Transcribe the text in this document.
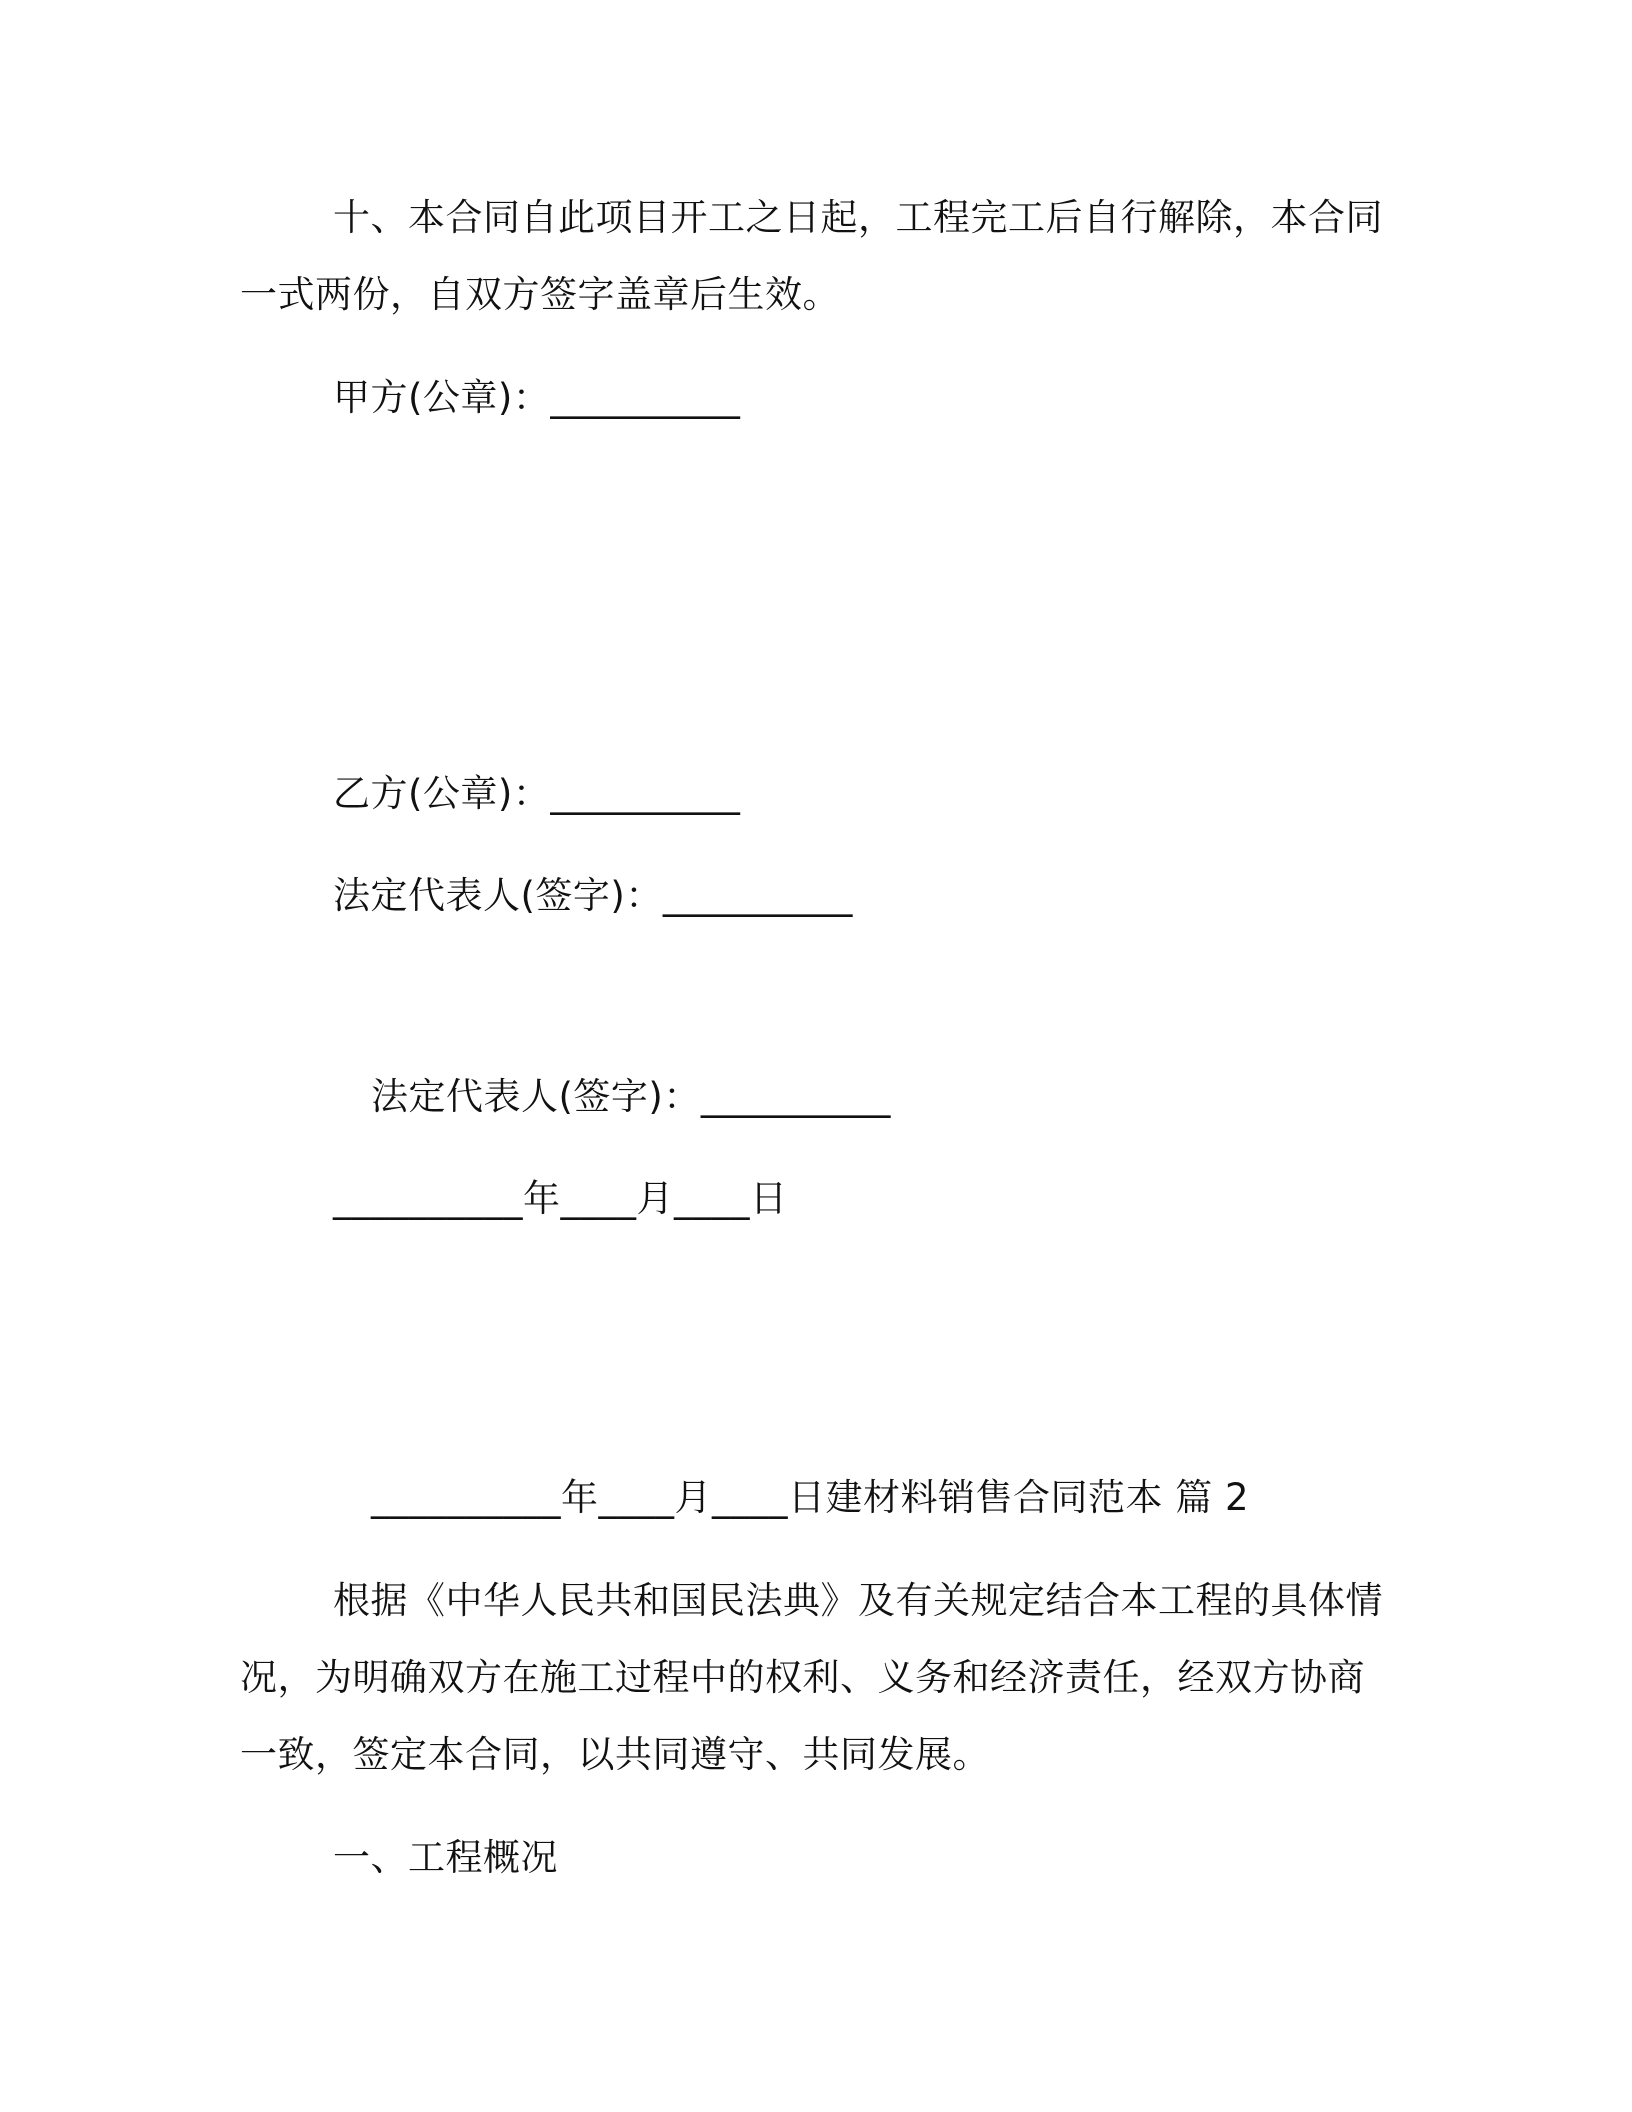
十、本合同自此项目开工之日起，工程完工后自行解除，本合同
一式两份，自双方签字盖章后生效。
甲方(公章)：__________
乙方(公章)：__________
法定代表人(签字)：__________
法定代表人(签字)：__________
__________年____月____日
__________年____月____日建材料销售合同范本 篇 2
根据《中华人民共和国民法典》及有关规定结合本工程的具体情
况，为明确双方在施工过程中的权利、义务和经济责任，经双方协商
一致，签定本合同，以共同遵守、共同发展。
一、工程概况
